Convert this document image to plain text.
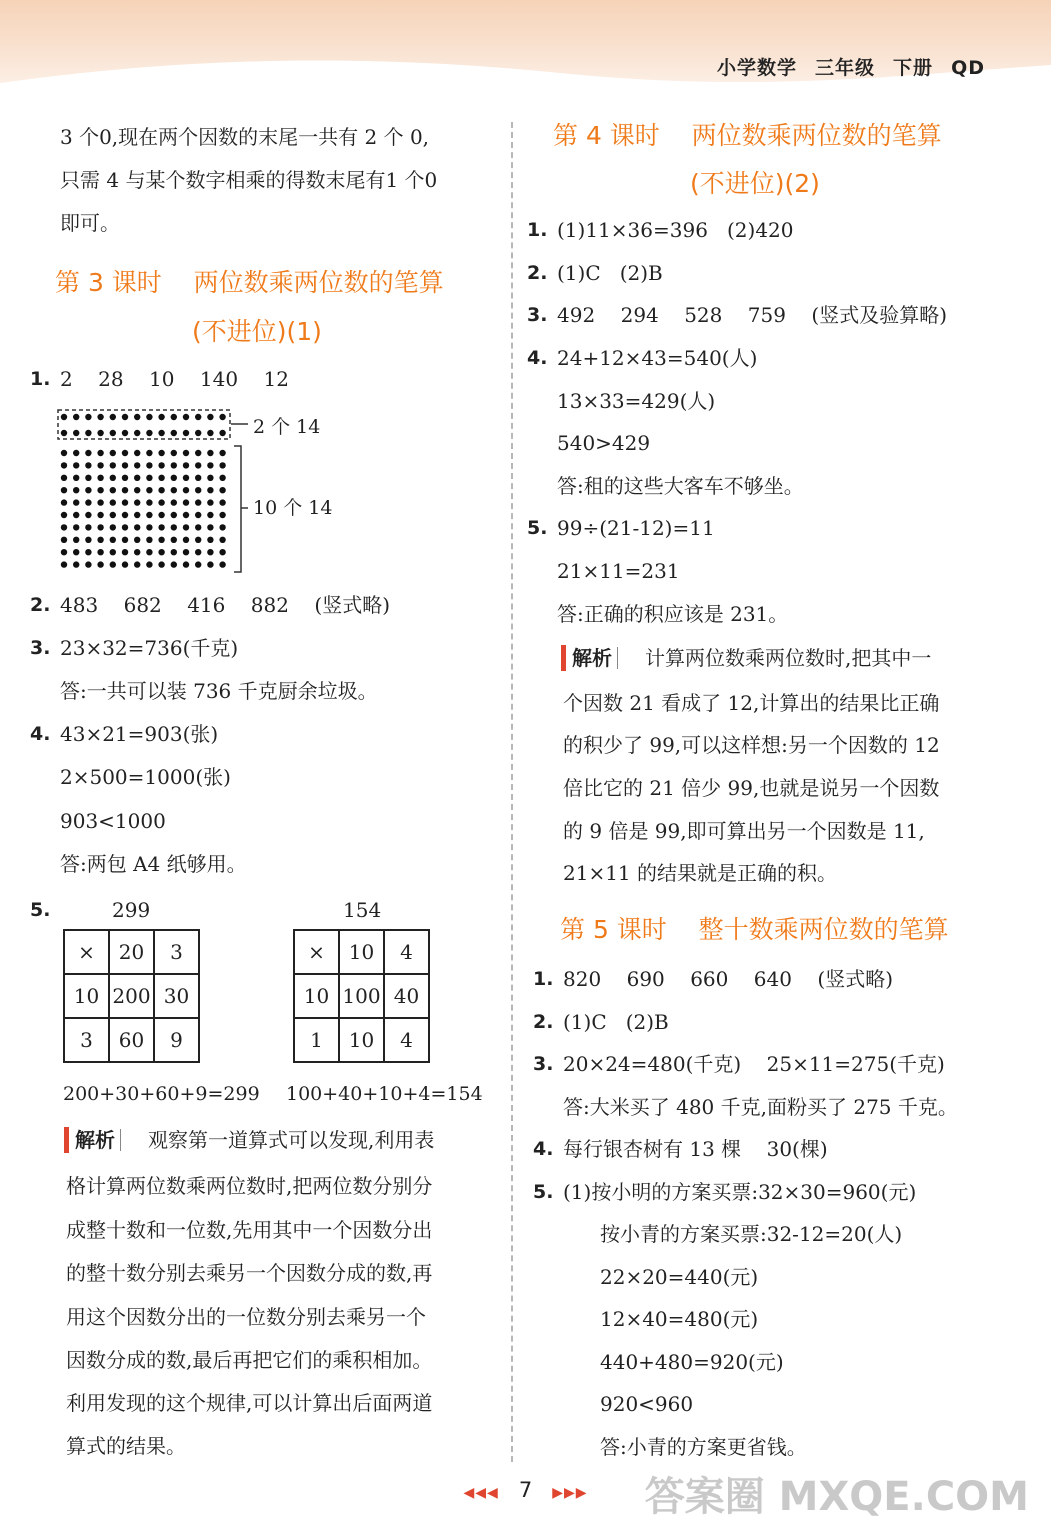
小学数学 三年级 下册 QD
3 个0,现在两个因数的末尾一共有 2 个 0,
只需 4 与某个数字相乘的得数末尾有1 个0
即可。
第 3 课时    两位数乘两位数的笔算
(不进位)(1)
1. 2    28    10    140    12
2 个 14
10 个 14
2. 483    682    416    882    (竖式略)
3. 23×32=736(千克)
答:一共可以装 736 千克厨余垃圾。
4. 43×21=903(张)
2×500=1000(张)
903<1000
答:两包 A4 纸够用。
5.	299	154
×	20	3
10	200	30
3	60	9
×	10	4
10	100	40
1	10	4
200+30+60+9=299 100+40+10+4=154
解析 观察第一道算式可以发现,利用表
格计算两位数乘两位数时,把两位数分别分
成整十数和一位数,先用其中一个因数分出
的整十数分别去乘另一个因数分成的数,再
用这个因数分出的一位数分别去乘另一个
因数分成的数,最后再把它们的乘积相加。
利用发现的这个规律,可以计算出后面两道
算式的结果。
第 4 课时    两位数乘两位数的笔算
(不进位)(2)
1. (1)11×36=396   (2)420
2. (1)C   (2)B
3. 492    294    528    759    (竖式及验算略)
4. 24+12×43=540(人)
13×33=429(人)
540>429
答:租的这些大客车不够坐。
5. 99÷(21-12)=11
21×11=231
答:正确的积应该是 231。
解析 计算两位数乘两位数时,把其中一
个因数 21 看成了 12,计算出的结果比正确
的积少了 99,可以这样想:另一个因数的 12
倍比它的 21 倍少 99,也就是说另一个因数
的 9 倍是 99,即可算出另一个因数是 11,
21×11 的结果就是正确的积。
第 5 课时    整十数乘两位数的笔算
1. 820    690    660    640    (竖式略)
2. (1)C   (2)B
3. 20×24=480(千克)    25×11=275(千克)
答:大米买了 480 千克,面粉买了 275 千克。
4. 每行银杏树有 13 棵    30(棵)
5. (1)按小明的方案买票:32×30=960(元)
按小青的方案买票:32-12=20(人)
22×20=440(元)
12×40=480(元)
440+480=920(元)
920<960
答:小青的方案更省钱。
◀◀◀ 7 ▶▶▶	答案圈 MXQE.COM
